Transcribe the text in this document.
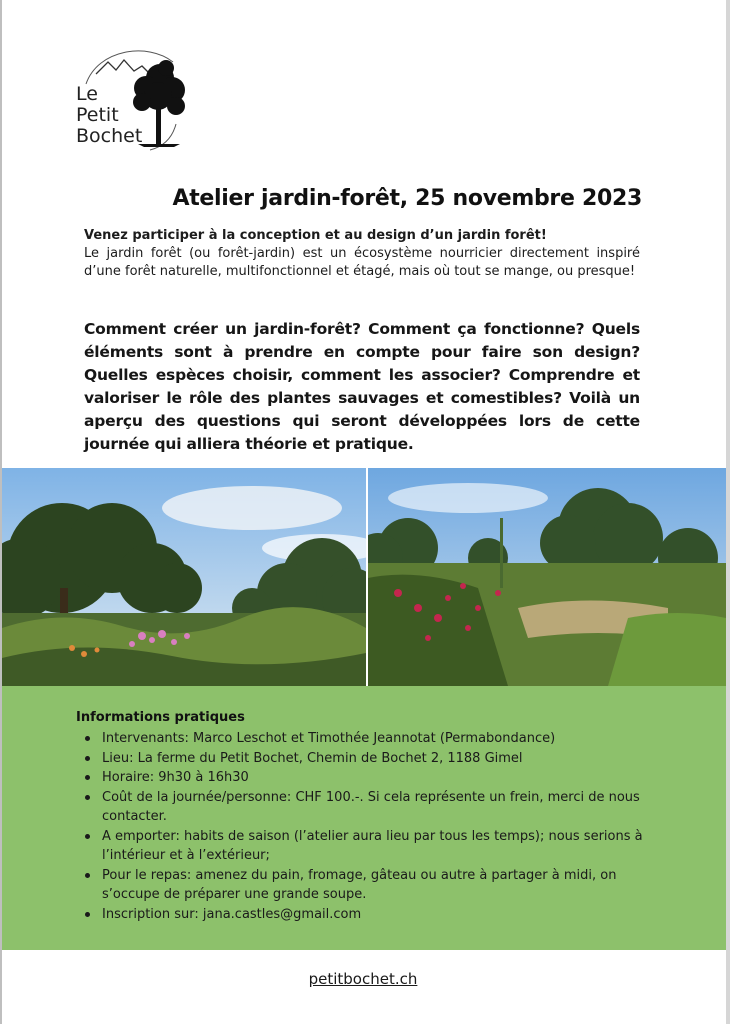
Le
Petit
Bochet
Atelier jardin-forêt, 25 novembre 2023
Venez participer à la conception et au design d’un jardin forêt!
Le jardin forêt (ou forêt-jardin) est un écosystème nourricier directement inspiré d’une forêt naturelle, multifonctionnel et étagé, mais où tout se mange, ou presque!
Comment créer un jardin-forêt? Comment ça fonctionne? Quels éléments sont à prendre en compte pour faire son design? Quelles espèces choisir, comment les associer? Comprendre et valoriser le rôle des plantes sauvages et comestibles? Voilà un aperçu des questions qui seront développées lors de cette journée qui alliera théorie et pratique.
Informations pratiques
Intervenants: Marco Leschot et Timothée Jeannotat (Permabondance)
Lieu: La ferme du Petit Bochet, Chemin de Bochet 2, 1188 Gimel
Horaire: 9h30 à 16h30
Coût de la journée/personne: CHF 100.-. Si cela représente un frein, merci de nous contacter.
A emporter: habits de saison (l’atelier aura lieu par tous les temps); nous serions à l’intérieur et à l’extérieur;
Pour le repas: amenez du pain, fromage, gâteau ou autre à partager à midi, on s’occupe de préparer une grande soupe.
Inscription sur: jana.castles@gmail.com
petitbochet.ch
